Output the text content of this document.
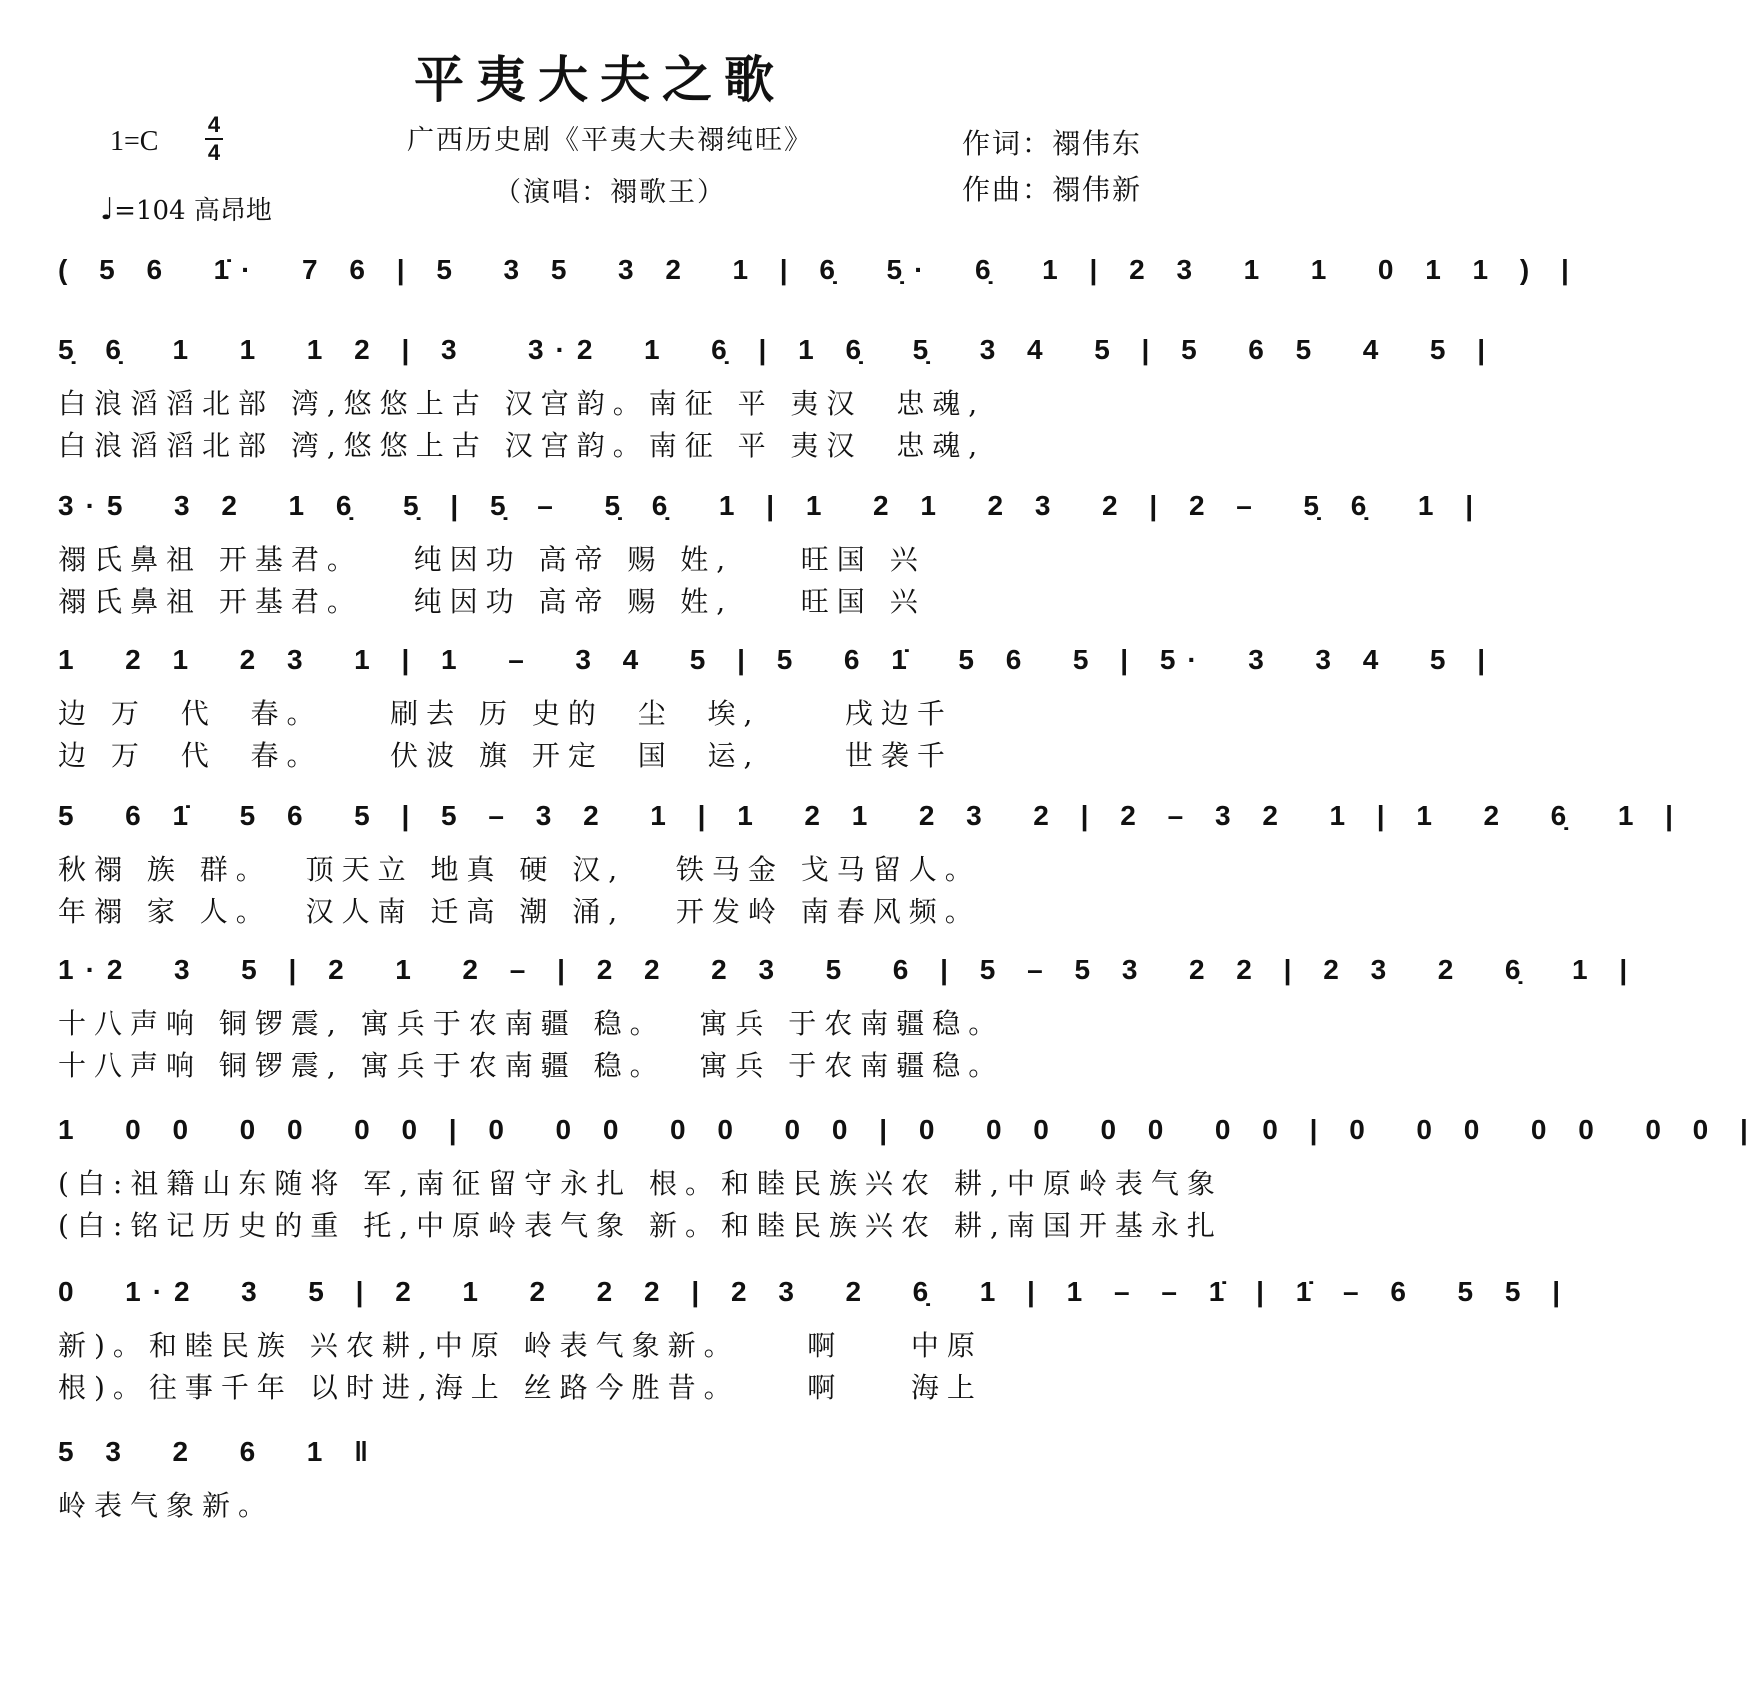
平夷大夫之歌
1=C
4
4
♩=104 高昂地
广西历史剧《平夷大夫禤纯旺》
（演唱：禤歌王）
作词：禤伟东
作曲：禤伟新
( 5 6  1̇·  7 6 | 5  3 5  3 2  1 | 6̣  5̣·  6̣  1 | 2 3  1  1  0 1 1 ) |
5̣ 6̣  1  1  1 2 | 3   3·2  1  6̣ | 1 6̣  5̣  3 4  5 | 5  6 5  4  5 |
白浪滔滔北部 湾,悠悠上古 汉宫韵。南征 平 夷汉  忠魂,
白浪滔滔北部 湾,悠悠上古 汉宫韵。南征 平 夷汉  忠魂,
3·5  3 2  1 6̣  5̣ | 5̣ –  5̣ 6̣  1 | 1  2 1  2 3  2 | 2 –  5̣ 6̣  1 |
禤氏鼻祖 开基君。   纯因功 高帝 赐 姓,    旺国 兴
禤氏鼻祖 开基君。   纯因功 高帝 赐 姓,    旺国 兴
1  2 1  2 3  1 | 1  –  3 4  5 | 5  6 1̇  5 6  5 | 5·  3  3 4  5 |
边 万  代  春。    刷去 历 史的  尘  埃,     戌边千
边 万  代  春。    伏波 旗 开定  国  运,     世袭千
5  6 1̇  5 6  5 | 5 – 3 2  1 | 1  2 1  2 3  2 | 2 – 3 2  1 | 1  2  6̣  1 |
秋禤 族 群。  顶天立 地真 硬 汉,   铁马金 戈马留人。
年禤 家 人。  汉人南 迁高 潮 涌,   开发岭 南春风频。
1·2  3  5 | 2  1  2 – | 2 2  2 3  5  6 | 5 – 5 3  2 2 | 2 3  2  6̣  1 |
十八声响 铜锣震, 寓兵于农南疆 稳。  寓兵 于农南疆稳。
十八声响 铜锣震, 寓兵于农南疆 稳。  寓兵 于农南疆稳。
1  0 0  0 0  0 0 | 0  0 0  0 0  0 0 | 0  0 0  0 0  0 0 | 0  0 0  0 0  0 0 |
(白:祖籍山东随将 军,南征留守永扎 根。和睦民族兴农 耕,中原岭表气象
(白:铭记历史的重 托,中原岭表气象 新。和睦民族兴农 耕,南国开基永扎
0  1·2  3  5 | 2  1  2  2 2 | 2 3  2  6̣  1 | 1 – – 1̇ | 1̇ – 6  5 5 |
新)。和睦民族 兴农耕,中原 岭表气象新。    啊    中原
根)。往事千年 以时进,海上 丝路今胜昔。    啊    海上
5 3  2  6  1 ‖
岭表气象新。
